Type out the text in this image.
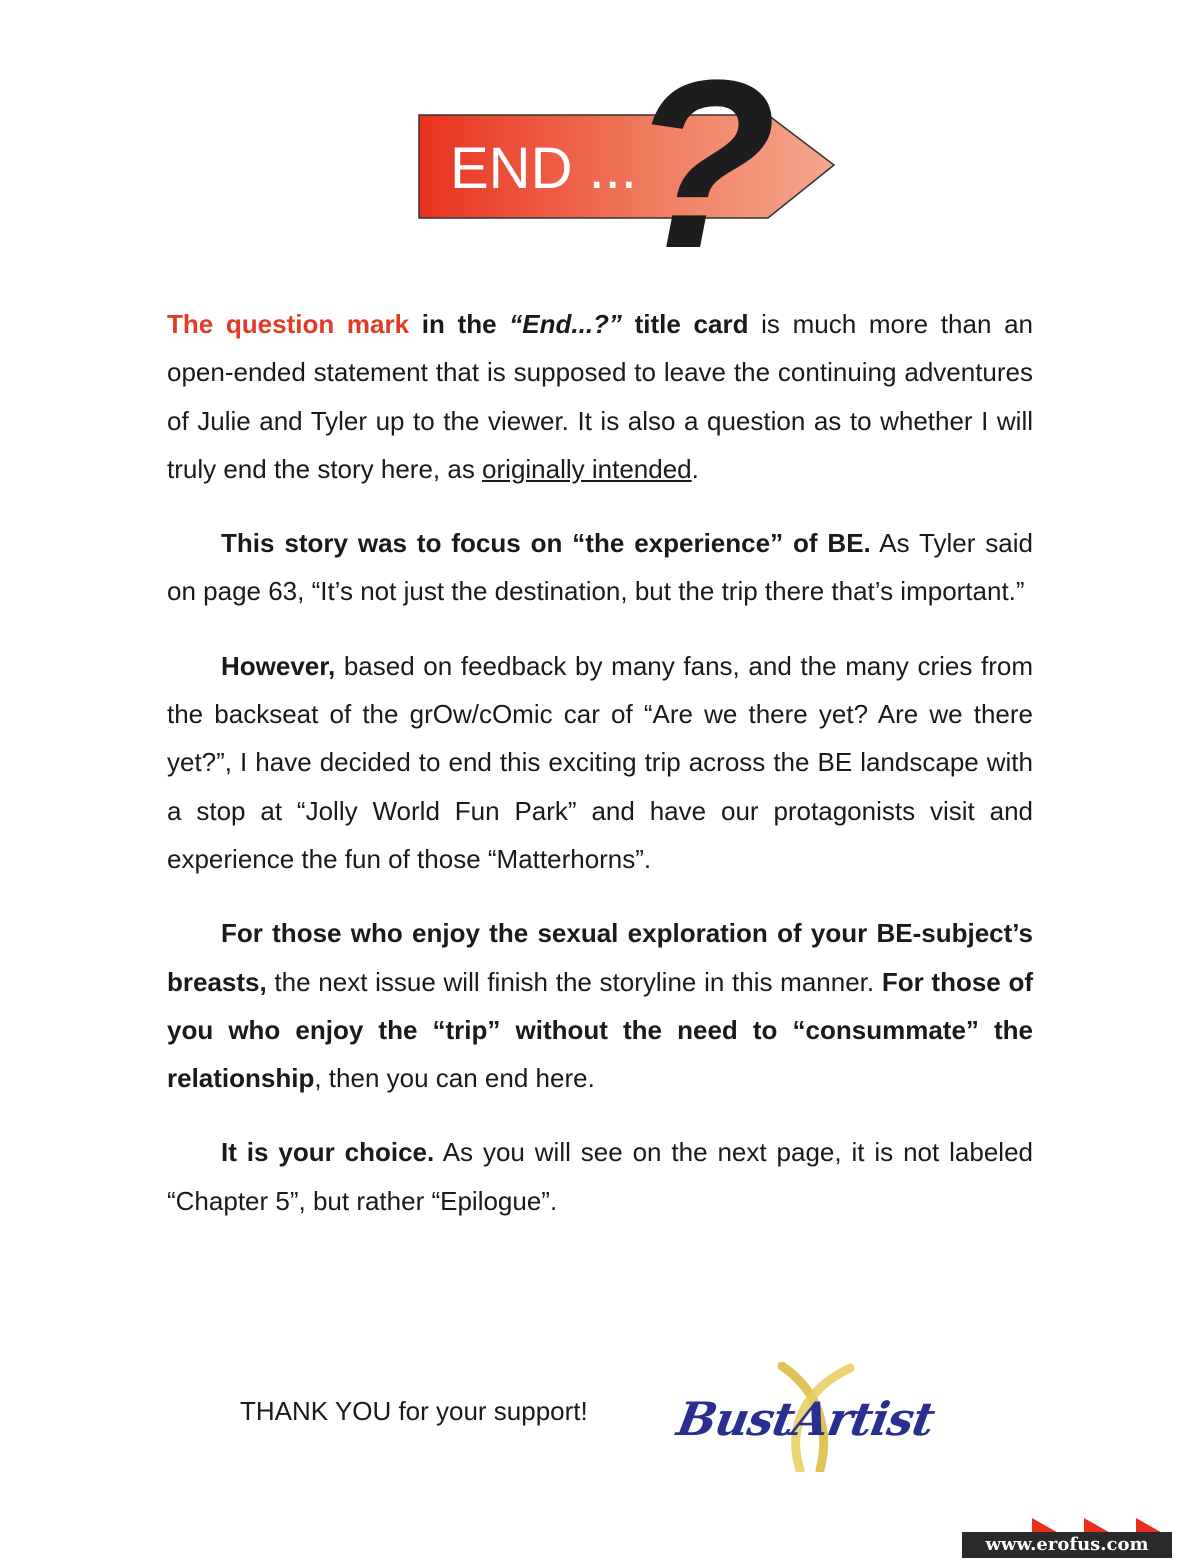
END ...
?

The question mark in the “End...?” title card is much more than an open-ended statement that is supposed to leave the continuing adventures of Julie and Tyler up to the viewer. It is also a question as to whether I will truly end the story here, as originally intended.

This story was to focus on “the experience” of BE. As Tyler said on page 63, “It’s not just the destination, but the trip there that’s important.”

However, based on feedback by many fans, and the many cries from the backseat of the grOw/cOmic car of “Are we there yet? Are we there yet?”, I have decided to end this exciting trip across the BE landscape with a stop at “Jolly World Fun Park” and have our protagonists visit and experience the fun of those “Matterhorns”.

For those who enjoy the sexual exploration of your BE-subject’s breasts, the next issue will finish the storyline in this manner. For those of you who enjoy the “trip” without the need to “consummate” the relationship, then you can end here.

It is your choice. As you will see on the next page, it is not labeled “Chapter 5”, but rather “Epilogue”.

THANK YOU for your support! BustArtist
www.erofus.com
